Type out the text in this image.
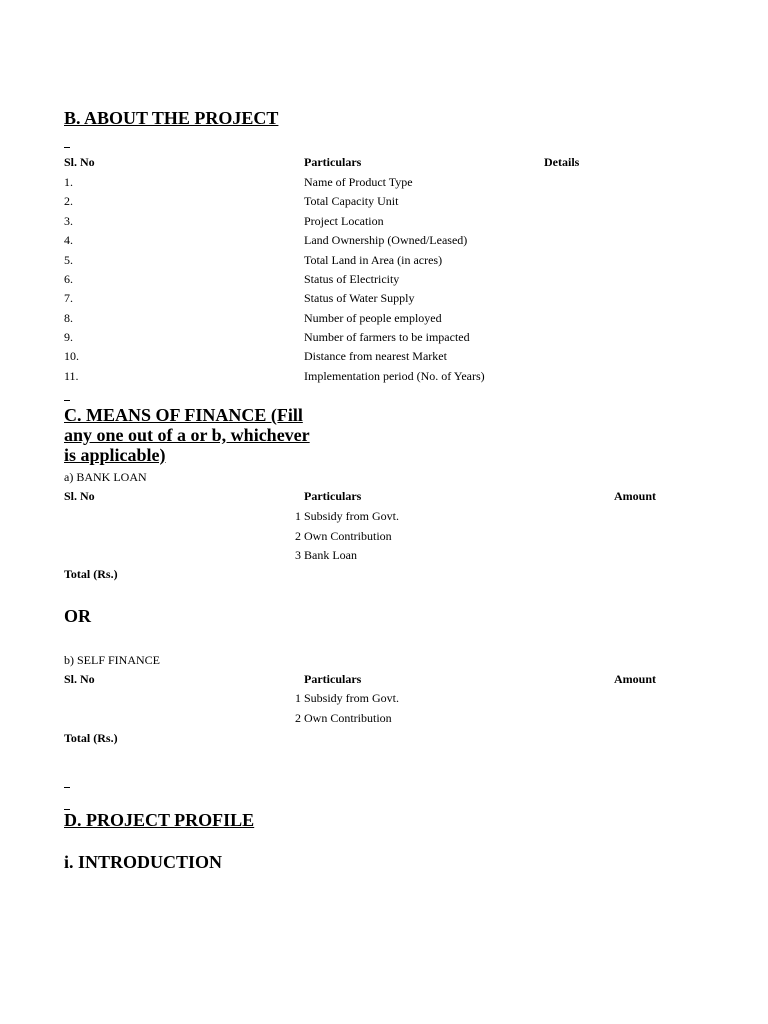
B. ABOUT THE PROJECT

Sl. No	Particulars	Details
1.	Name of Product Type
2.	Total Capacity Unit
3.	Project Location
4.	Land Ownership (Owned/Leased)
5.	Total Land in Area (in acres)
6.	Status of Electricity
7.	Status of Water Supply
8.	Number of people employed
9.	Number of farmers to be impacted
10.	Distance from nearest Market
11.	Implementation period (No. of Years)

C. MEANS OF FINANCE (Fill any one out of a or b, whichever is applicable)
a) BANK LOAN
Sl. No	Particulars	Amount
1 Subsidy from Govt.
2 Own Contribution
3 Bank Loan
Total (Rs.)
OR
b) SELF FINANCE
Sl. No	Particulars	Amount
1 Subsidy from Govt.
2 Own Contribution
Total (Rs.)

D. PROJECT PROFILE
i. INTRODUCTION
